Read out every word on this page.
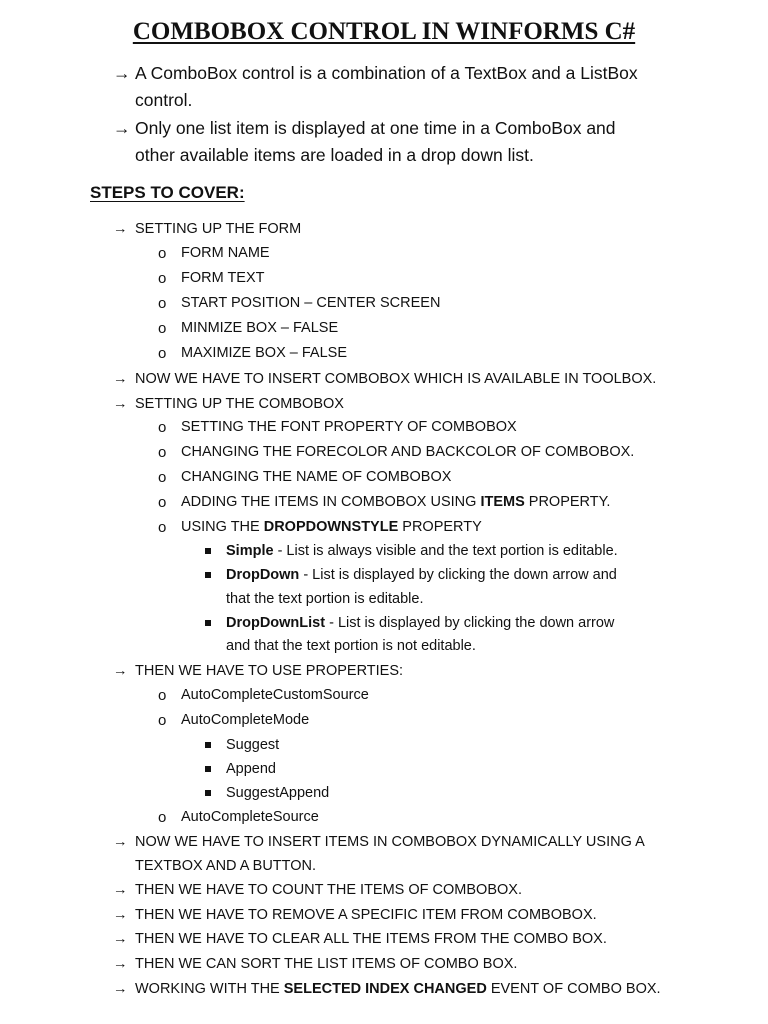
COMBOBOX CONTROL IN WINFORMS C#
→ A ComboBox control is a combination of a TextBox and a ListBox
control.
→ Only one list item is displayed at one time in a ComboBox and
other available items are loaded in a drop down list.
STEPS TO COVER:
→ SETTING UP THE FORM
o FORM NAME
o FORM TEXT
o START POSITION – CENTER SCREEN
o MINMIZE BOX – FALSE
o MAXIMIZE BOX – FALSE
→ NOW WE HAVE TO INSERT COMBOBOX WHICH IS AVAILABLE IN TOOLBOX.
→ SETTING UP THE COMBOBOX
o SETTING THE FONT PROPERTY OF COMBOBOX
o CHANGING THE FORECOLOR AND BACKCOLOR OF COMBOBOX.
o CHANGING THE NAME OF COMBOBOX
o ADDING THE ITEMS IN COMBOBOX USING ITEMS PROPERTY.
o USING THE DROPDOWNSTYLE PROPERTY
Simple - List is always visible and the text portion is editable.
DropDown - List is displayed by clicking the down arrow and
that the text portion is editable.
DropDownList - List is displayed by clicking the down arrow
and that the text portion is not editable.
→ THEN WE HAVE TO USE PROPERTIES:
o AutoCompleteCustomSource
o AutoCompleteMode
Suggest
Append
SuggestAppend
o AutoCompleteSource
→ NOW WE HAVE TO INSERT ITEMS IN COMBOBOX DYNAMICALLY USING A
TEXTBOX AND A BUTTON.
→ THEN WE HAVE TO COUNT THE ITEMS OF COMBOBOX.
→ THEN WE HAVE TO REMOVE A SPECIFIC ITEM FROM COMBOBOX.
→ THEN WE HAVE TO CLEAR ALL THE ITEMS FROM THE COMBO BOX.
→ THEN WE CAN SORT THE LIST ITEMS OF COMBO BOX.
→ WORKING WITH THE SELECTED INDEX CHANGED EVENT OF COMBO BOX.
